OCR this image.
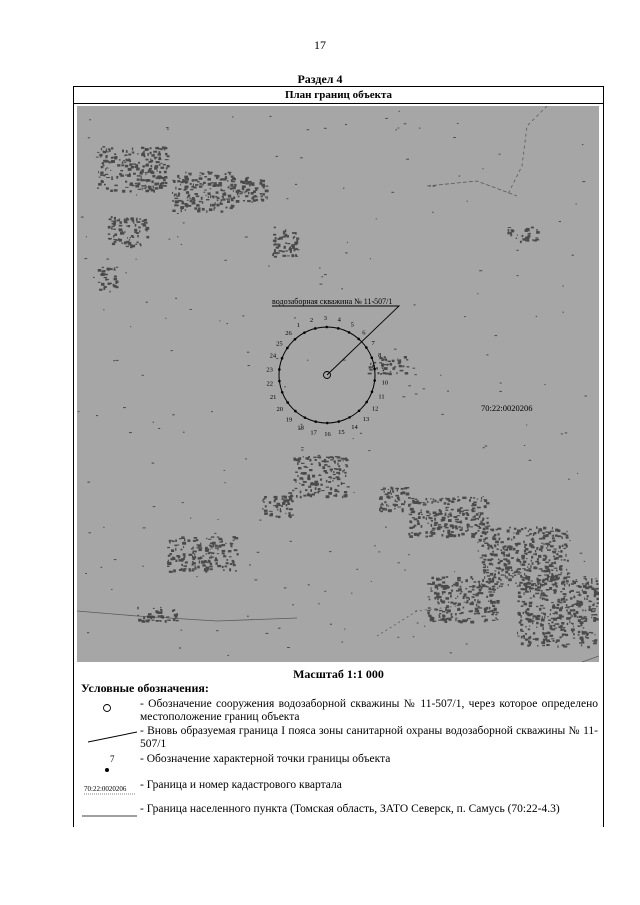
17
Раздел 4
План границ объекта
водозаборная скважина № 11-507/1
1
2 3 4
5
6
7
8
9
10
11
12
13
14
15
16
17
18
19
20
21
22
23
24
25
26
70:22:0020206
Масштаб 1:1 000
Условные обозначения:
- Обозначение сооружения водозаборной скважины № 11-507/1, через которое определено местоположение границ объекта
- Вновь образуемая граница I пояса зоны санитарной охраны водозаборной скважины № 11-507/1
7 - Обозначение характерной точки границы объекта
70:22:0020206 - Граница и номер кадастрового квартала
- Граница населенного пункта (Томская область, ЗАТО Северск, п. Самусь (70:22-4.3)
